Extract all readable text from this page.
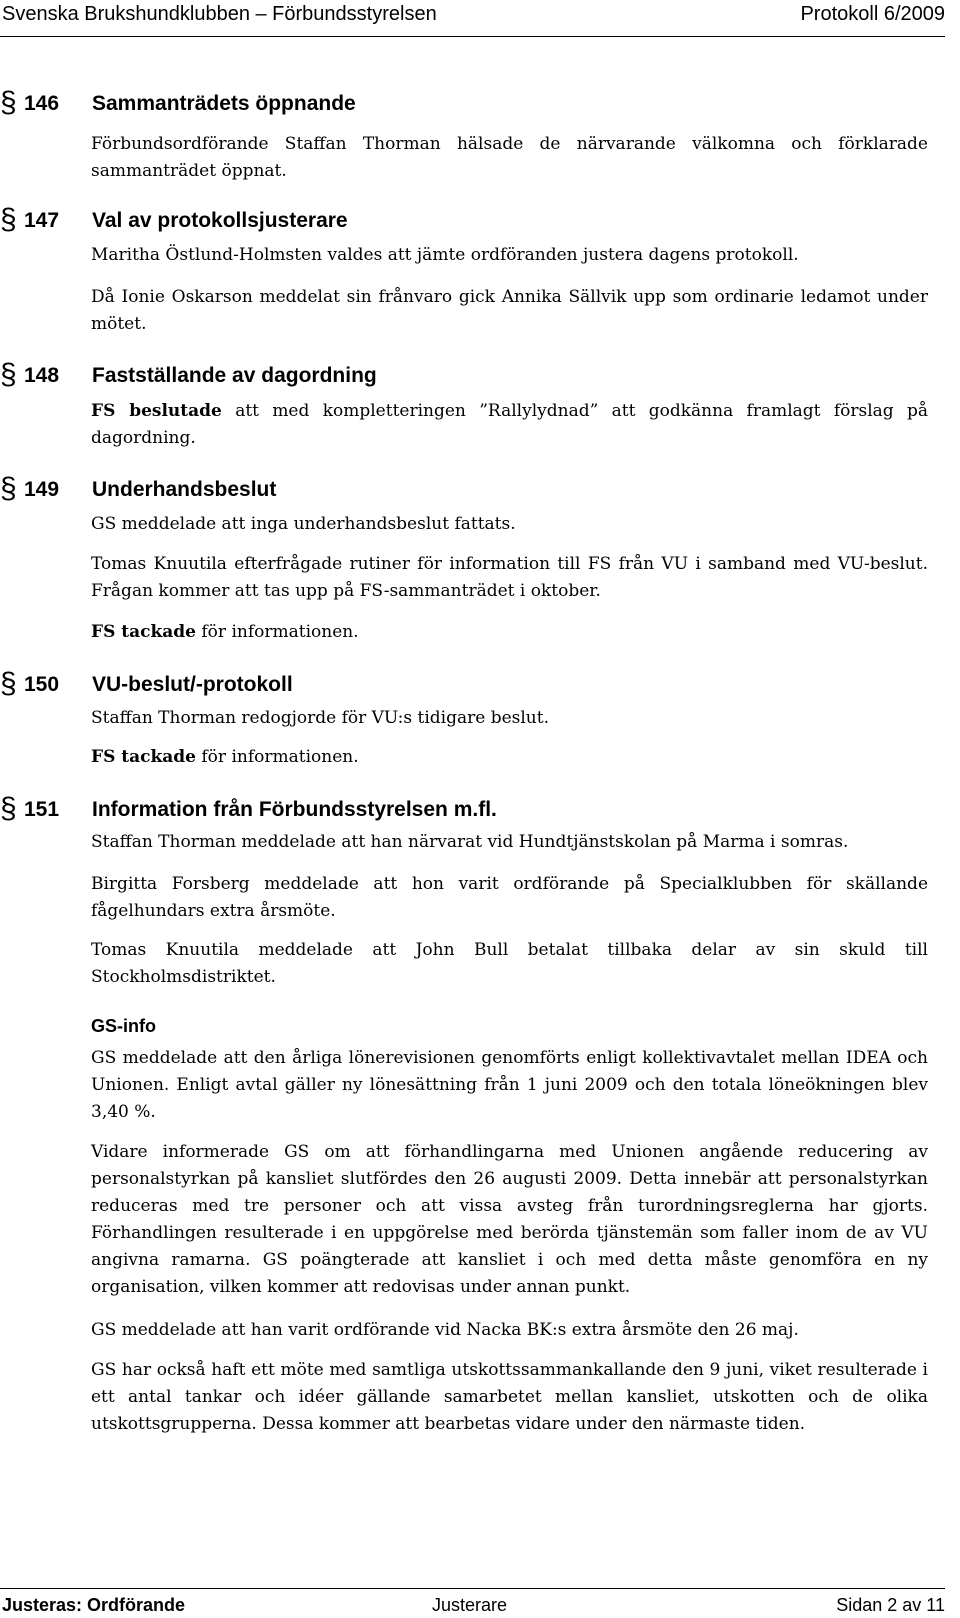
Svenska Brukshundklubben – Förbundsstyrelsen	Protokoll 6/2009
§ 146 Sammanträdets öppnande
Förbundsordförande Staffan Thorman hälsade de närvarande välkomna och förklarade sammanträdet öppnat.
§ 147 Val av protokollsjusterare
Maritha Östlund-Holmsten valdes att jämte ordföranden justera dagens protokoll.
Då Ionie Oskarson meddelat sin frånvaro gick Annika Sällvik upp som ordinarie ledamot under mötet.
§ 148 Fastställande av dagordning
FS beslutade att med kompletteringen ”Rallylydnad” att godkänna framlagt förslag på dagordning.
§ 149 Underhandsbeslut
GS meddelade att inga underhandsbeslut fattats.
Tomas Knuutila efterfrågade rutiner för information till FS från VU i samband med VU-beslut. Frågan kommer att tas upp på FS-sammanträdet i oktober.
FS tackade för informationen.
§ 150 VU-beslut/-protokoll
Staffan Thorman redogjorde för VU:s tidigare beslut.
FS tackade för informationen.
§ 151 Information från Förbundsstyrelsen m.fl.
Staffan Thorman meddelade att han närvarat vid Hundtjänstskolan på Marma i somras.
Birgitta Forsberg meddelade att hon varit ordförande på Specialklubben för skällande fågelhundars extra årsmöte.
Tomas Knuutila meddelade att John Bull betalat tillbaka delar av sin skuld till Stockholmsdistriktet.
GS-info
GS meddelade att den årliga lönerevisionen genomförts enligt kollektivavtalet mellan IDEA och Unionen. Enligt avtal gäller ny lönesättning från 1 juni 2009 och den totala löneökningen blev 3,40 %.
Vidare informerade GS om att förhandlingarna med Unionen angående reducering av personalstyrkan på kansliet slutfördes den 26 augusti 2009. Detta innebär att personalstyrkan reduceras med tre personer och att vissa avsteg från turordningsreglerna har gjorts. Förhandlingen resulterade i en uppgörelse med berörda tjänstemän som faller inom de av VU angivna ramarna. GS poängterade att kansliet i och med detta måste genomföra en ny organisation, vilken kommer att redovisas under annan punkt.
GS meddelade att han varit ordförande vid Nacka BK:s extra årsmöte den 26 maj.
GS har också haft ett möte med samtliga utskottssammankallande den 9 juni, viket resulterade i ett antal tankar och idéer gällande samarbetet mellan kansliet, utskotten och de olika utskottsgrupperna. Dessa kommer att bearbetas vidare under den närmaste tiden.
Justeras: Ordförande	Justerare	Sidan 2 av 11
